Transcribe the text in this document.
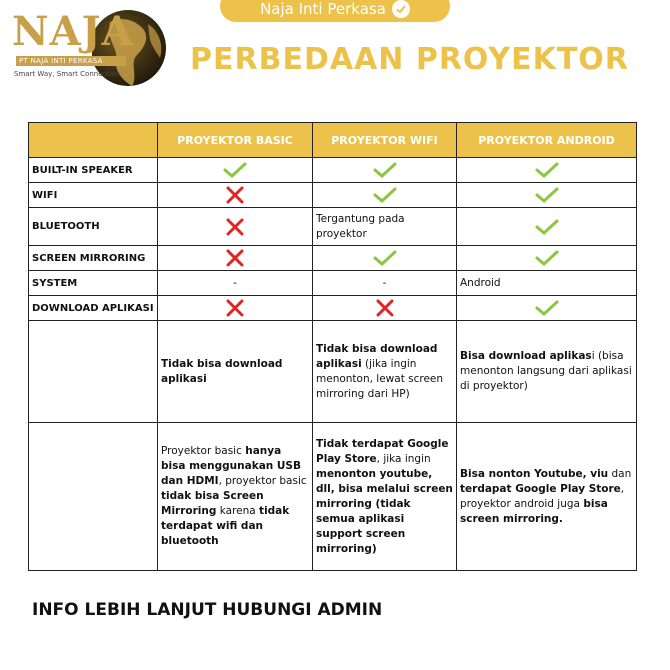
Naja Inti Perkasa
NAJA
PT NAJA INTI PERKASA
Smart Way, Smart Connection PERBEDAAN PROYEKTOR
	PROYEKTOR BASIC	PROYEKTOR WIFI	PROYEKTOR ANDROID
BUILT-IN SPEAKER			
WIFI			
BLUETOOTH		Tergantung pada proyektor	
SCREEN MIRRORING			
SYSTEM	-	-	Android
DOWNLOAD APLIKASI			
	Tidak bisa download aplikasi	Tidak bisa download aplikasi (jika ingin menonton, lewat screen mirroring dari HP)	Bisa download aplikasi (bisa menonton langsung dari aplikasi di proyektor)
	Proyektor basic hanya bisa menggunakan USB dan HDMI, proyektor basic tidak bisa Screen Mirroring karena tidak terdapat wifi dan bluetooth	Tidak terdapat Google Play Store, jika ingin menonton youtube, dll, bisa melalui screen mirroring (tidak semua aplikasi support screen mirroring)	Bisa nonton Youtube, viu dan terdapat Google Play Store, proyektor android juga bisa screen mirroring.
INFO LEBIH LANJUT HUBUNGI ADMIN
